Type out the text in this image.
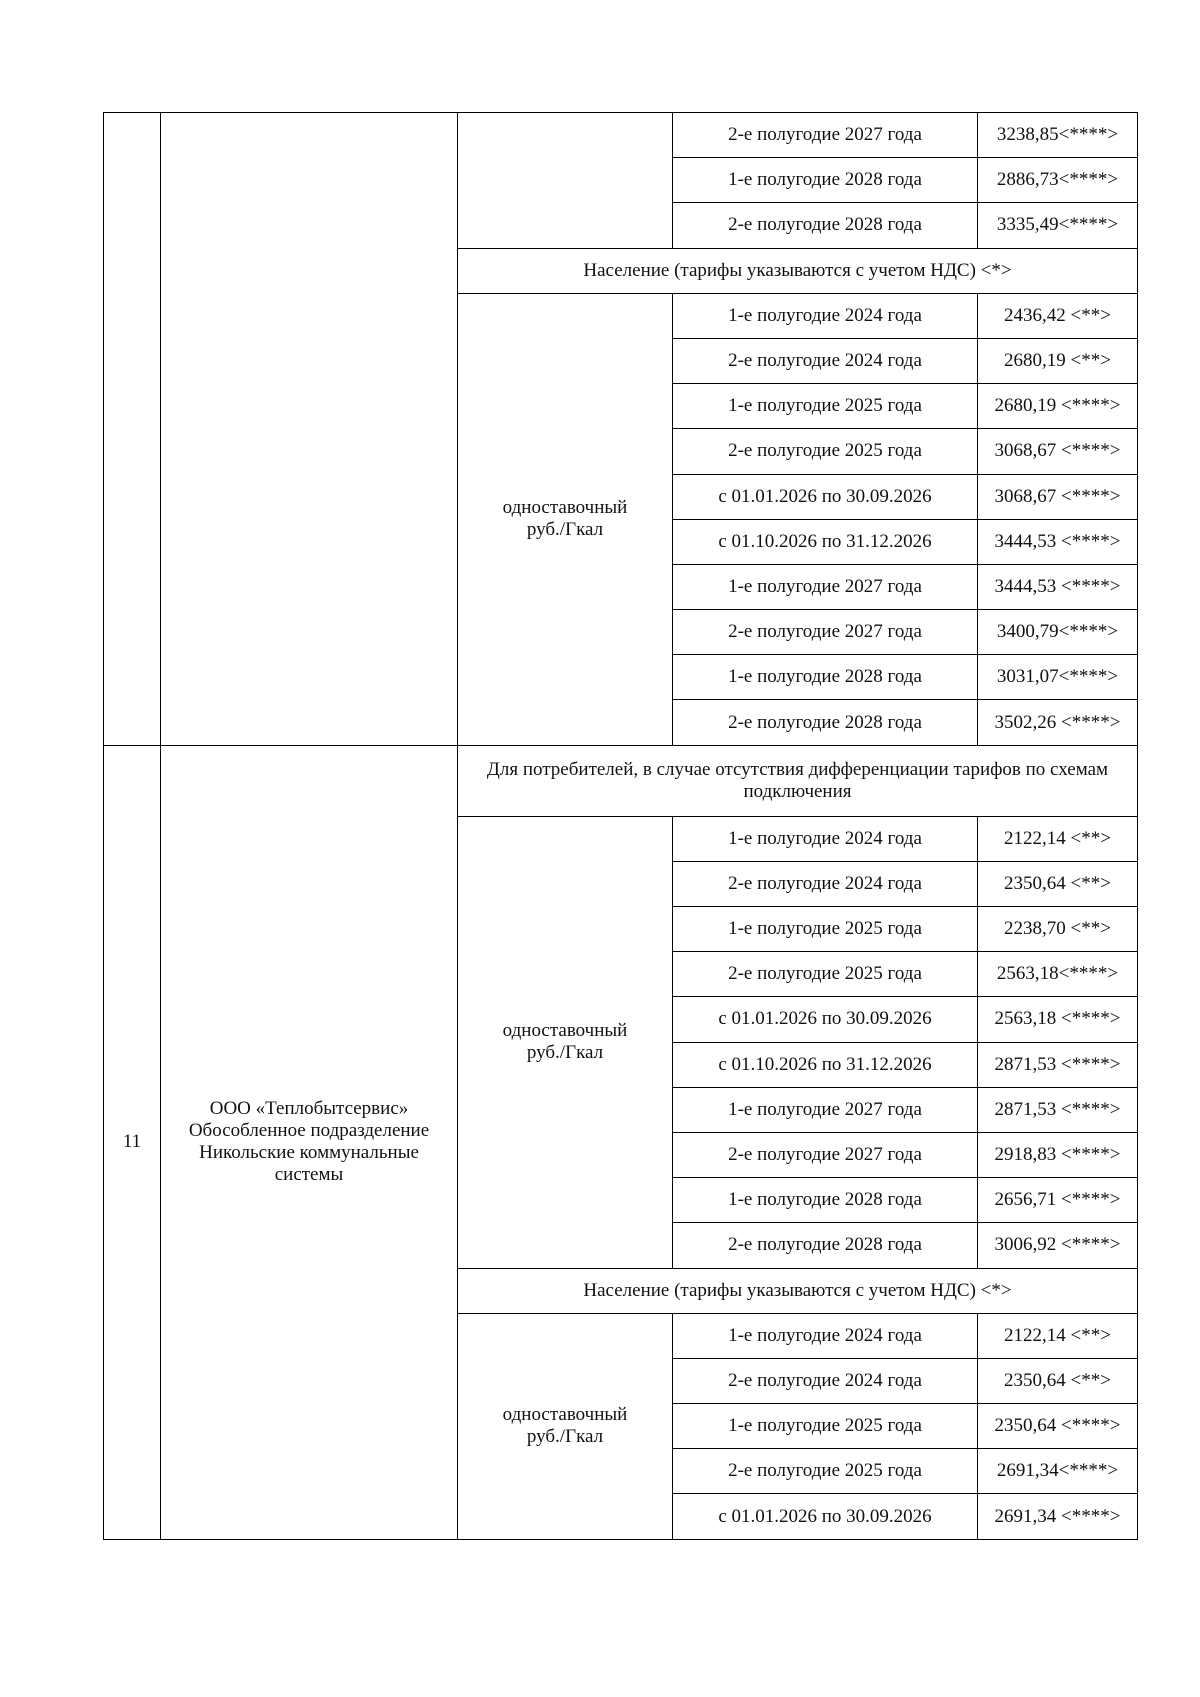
			2-е полугодие 2027 года	3238,85<****>
			1-е полугодие 2028 года	2886,73<****>
			2-е полугодие 2028 года	3335,49<****>
		Население (тарифы указываются с учетом НДС) <*>		

		одноставочный
руб./Гкал	1-е полугодие 2024 года	2436,42 <**>
			2-е полугодие 2024 года	2680,19 <**>
			1-е полугодие 2025 года	2680,19 <****>
			2-е полугодие 2025 года	3068,67 <****>
			с 01.01.2026 по 30.09.2026	3068,67 <****>
			с 01.10.2026 по 31.12.2026	3444,53 <****>
			1-е полугодие 2027 года	3444,53 <****>
			2-е полугодие 2027 года	3400,79<****>
			1-е полугодие 2028 года	3031,07<****>
			2-е полугодие 2028 года	3502,26 <****>
11	ООО «Теплобытсервис»
Обособленное подразделение
Никольские коммунальные
системы	Для потребителей, в случае отсутствия дифференциации тарифов по схемам подключения		

		одноставочный
руб./Гкал	1-е полугодие 2024 года	2122,14 <**>
			2-е полугодие 2024 года	2350,64 <**>
			1-е полугодие 2025 года	2238,70 <**>
			2-е полугодие 2025 года	2563,18<****>
			с 01.01.2026 по 30.09.2026	2563,18 <****>
			с 01.10.2026 по 31.12.2026	2871,53 <****>
			1-е полугодие 2027 года	2871,53 <****>
			2-е полугодие 2027 года	2918,83 <****>
			1-е полугодие 2028 года	2656,71 <****>
			2-е полугодие 2028 года	3006,92 <****>
		Население (тарифы указываются с учетом НДС) <*>		

		одноставочный
руб./Гкал	1-е полугодие 2024 года	2122,14 <**>
			2-е полугодие 2024 года	2350,64 <**>
			1-е полугодие 2025 года	2350,64 <****>
			2-е полугодие 2025 года	2691,34<****>
			с 01.01.2026 по 30.09.2026	2691,34 <****>
